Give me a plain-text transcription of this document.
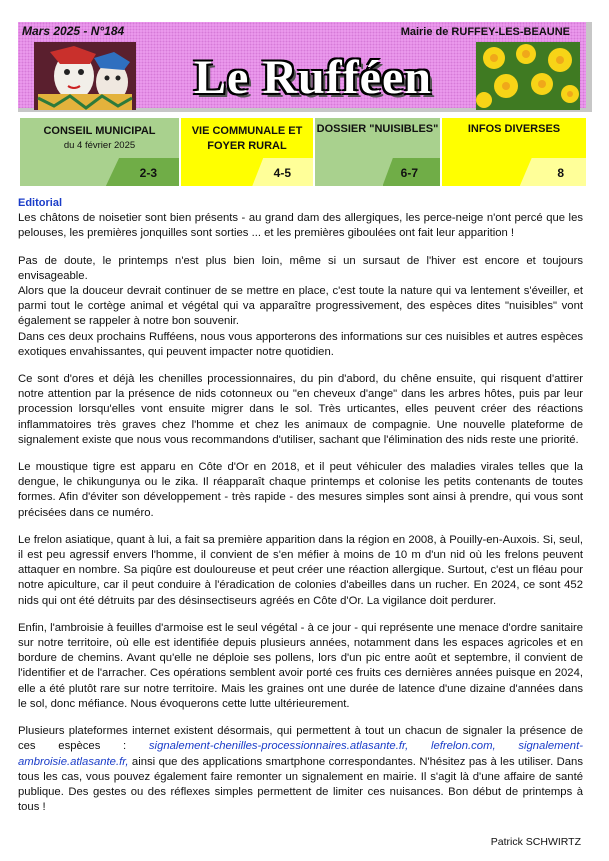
Mars 2025 - N°184	Mairie de RUFFEY-LES-BEAUNE
Le Rufféen
CONSEIL MUNICIPAL
du 4 février 2025
2-3
VIE COMMUNALE ET FOYER RURAL
4-5
DOSSIER "NUISIBLES"
6-7
INFOS DIVERSES
8
Editorial

Les châtons de noisetier sont bien présents - au grand dam des allergiques, les perce-neige n'ont percé que les pelouses, les premières jonquilles sont sorties ... et les premières giboulées ont fait leur apparition !

Pas de doute, le printemps n'est plus bien loin, même si un sursaut de l'hiver est encore et toujours envisageable.

Alors que la douceur devrait continuer de se mettre en place, c'est toute la nature qui va lentement s'éveiller, et parmi tout le cortège animal et végétal qui va apparaître progressivement, des espèces dites "nuisibles" vont également se rappeler à notre bon souvenir.

Dans ces deux prochains Rufféens, nous vous apporterons des informations sur ces nuisibles et autres espèces exotiques envahissantes, qui peuvent impacter notre quotidien.

Ce sont d'ores et déjà les chenilles processionnaires, du pin d'abord, du chêne ensuite, qui risquent d'attirer notre attention par la présence de nids cotonneux ou "en cheveux d'ange" dans les arbres hôtes, puis par leur procession lorsqu'elles vont ensuite migrer dans le sol. Très urticantes, elles peuvent créer des réactions inflammatoires très graves chez l'homme et chez les animaux de compagnie. Une nouvelle plateforme de signalement existe que nous vous recommandons d'utiliser, sachant que l'élimination des nids reste une priorité.

Le moustique tigre est apparu en Côte d'Or en 2018, et il peut véhiculer des maladies virales telles que la dengue, le chikungunya ou le zika. Il réapparaît chaque printemps et colonise les petits contenants de toutes formes. Afin d'éviter son développement - très rapide - des mesures simples sont ainsi à prendre, qui vous sont précisées dans ce numéro.

Le frelon asiatique, quant à lui, a fait sa première apparition dans la région en 2008, à Pouilly-en-Auxois. Si, seul, il est peu agressif envers l'homme, il convient de s'en méfier à moins de 10 m d'un nid où les frelons peuvent attaquer en nombre. Sa piqûre est douloureuse et peut créer une réaction allergique. Surtout, c'est un fléau pour notre apiculture, car il peut conduire à l'éradication de colonies d'abeilles dans un rucher. En 2024, ce sont 452 nids qui ont été détruits par des désinsectiseurs agréés en Côte d'Or. La vigilance doit perdurer.

Enfin, l'ambroisie à feuilles d'armoise est le seul végétal - à ce jour - qui représente une menace d'ordre sanitaire sur notre territoire, où elle est identifiée depuis plusieurs années, notamment dans les espaces agricoles et en bordure de chemins. Avant qu'elle ne déploie ses pollens, lors d'un pic entre août et septembre, il convient de l'identifier et de l'arracher. Ces opérations semblent avoir porté ces fruits ces dernières années puisque en 2024, elle a été plutôt rare sur notre territoire. Mais les graines ont une durée de latence d'une dizaine d'années dans le sol, donc méfiance. Nous évoquerons cette lutte ultérieurement.

Plusieurs plateformes internet existent désormais, qui permettent à tout un chacun de signaler la présence de ces espèces : signalement-chenilles-processionnaires.atlasante.fr, lefrelon.com, signalement-ambroisie.atlasante.fr, ainsi que des applications smartphone correspondantes. N'hésitez pas à les utiliser. Dans tous les cas, vous pouvez également faire remonter un signalement en mairie. Il s'agit là d'une affaire de santé publique. Des gestes ou des réflexes simples permettent de limiter ces nuisances. Bon début de printemps à tous !

Patrick SCHWIRTZ
